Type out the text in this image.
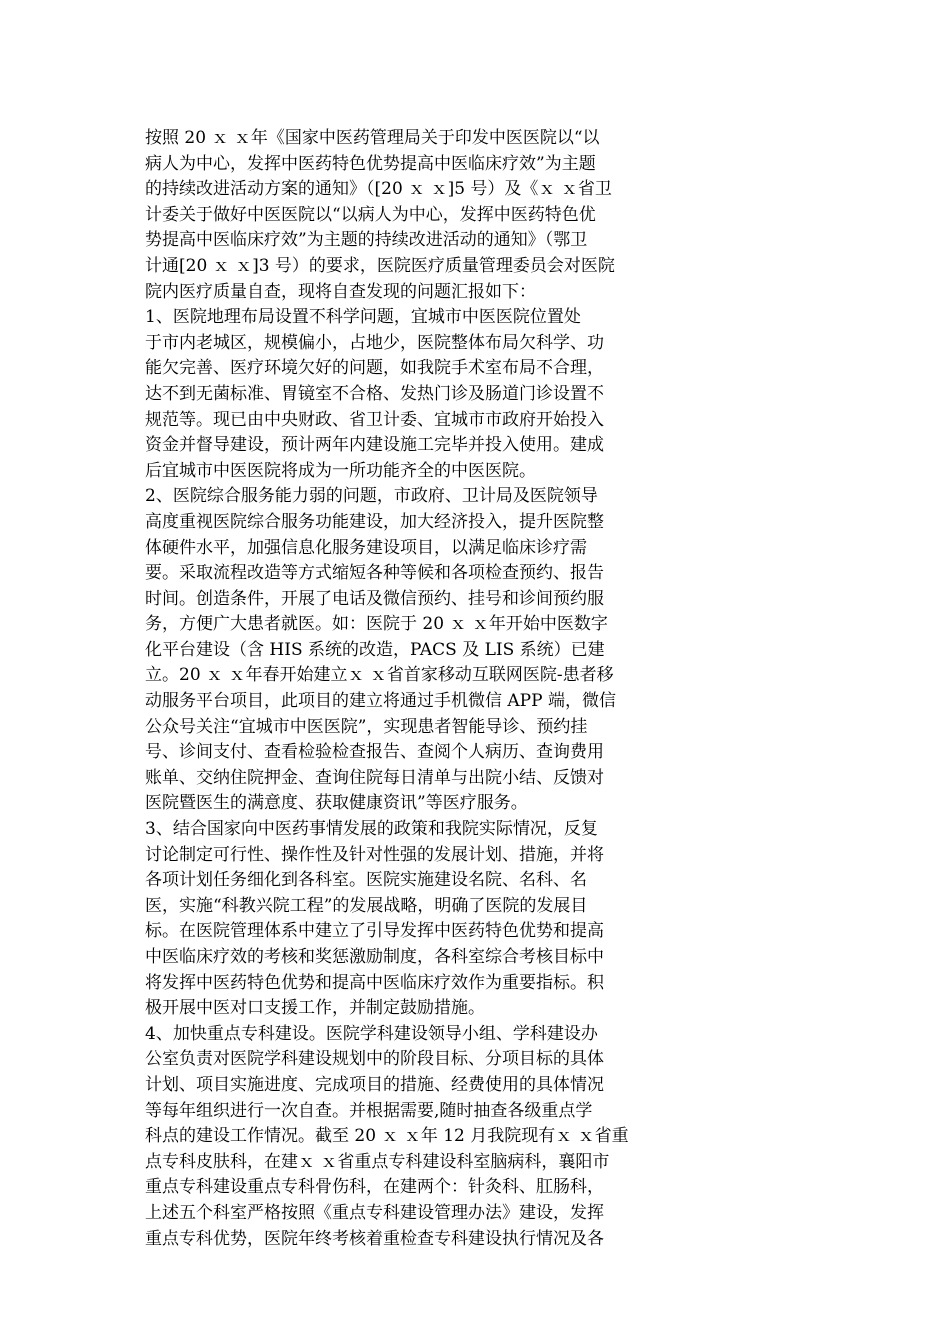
按照 20 ｘ ｘ年《国家中医药管理局关于印发中医医院以“以
病人为中心，发挥中医药特色优势提高中医临床疗效”为主题
的持续改进活动方案的通知》（[20 ｘ ｘ]5 号）及《ｘ ｘ省卫
计委关于做好中医医院以“以病人为中心，发挥中医药特色优
势提高中医临床疗效”为主题的持续改进活动的通知》（鄂卫
计通[20 ｘ ｘ]3 号）的要求，医院医疗质量管理委员会对医院
院内医疗质量自查，现将自查发现的问题汇报如下：
1、医院地理布局设置不科学问题，宜城市中医医院位置处
于市内老城区，规模偏小，占地少，医院整体布局欠科学、功
能欠完善、医疗环境欠好的问题，如我院手术室布局不合理，
达不到无菌标准、胃镜室不合格、发热门诊及肠道门诊设置不
规范等。现已由中央财政、省卫计委、宜城市市政府开始投入
资金并督导建设，预计两年内建设施工完毕并投入使用。建成
后宜城市中医医院将成为一所功能齐全的中医医院。
2、医院综合服务能力弱的问题，市政府、卫计局及医院领导
高度重视医院综合服务功能建设，加大经济投入，提升医院整
体硬件水平，加强信息化服务建设项目，以满足临床诊疗需
要。采取流程改造等方式缩短各种等候和各项检查预约、报告
时间。创造条件，开展了电话及微信预约、挂号和诊间预约服
务，方便广大患者就医。如：医院于 20 ｘ ｘ年开始中医数字
化平台建设（含 HIS 系统的改造，PACS 及 LIS 系统）已建
立。20 ｘ ｘ年春开始建立ｘ ｘ省首家移动互联网医院-患者移
动服务平台项目，此项目的建立将通过手机微信 APP 端，微信
公众号关注“宜城市中医医院”，实现患者智能导诊、预约挂
号、诊间支付、查看检验检查报告、查阅个人病历、查询费用
账单、交纳住院押金、查询住院每日清单与出院小结、反馈对
医院暨医生的满意度、获取健康资讯”等医疗服务。
3、结合国家向中医药事情发展的政策和我院实际情况，反复
讨论制定可行性、操作性及针对性强的发展计划、措施，并将
各项计划任务细化到各科室。医院实施建设名院、名科、名
医，实施“科教兴院工程”的发展战略，明确了医院的发展目
标。在医院管理体系中建立了引导发挥中医药特色优势和提高
中医临床疗效的考核和奖惩激励制度，各科室综合考核目标中
将发挥中医药特色优势和提高中医临床疗效作为重要指标。积
极开展中医对口支援工作，并制定鼓励措施。
4、加快重点专科建设。医院学科建设领导小组、学科建设办
公室负责对医院学科建设规划中的阶段目标、分项目标的具体
计划、项目实施进度、完成项目的措施、经费使用的具体情况
等每年组织进行一次自查。并根据需要,随时抽查各级重点学
科点的建设工作情况。截至 20 ｘ ｘ年 12 月我院现有ｘ ｘ省重
点专科皮肤科，在建ｘ ｘ省重点专科建设科室脑病科，襄阳市
重点专科建设重点专科骨伤科，在建两个：针灸科、肛肠科，
上述五个科室严格按照《重点专科建设管理办法》建设，发挥
重点专科优势，医院年终考核着重检查专科建设执行情况及各
